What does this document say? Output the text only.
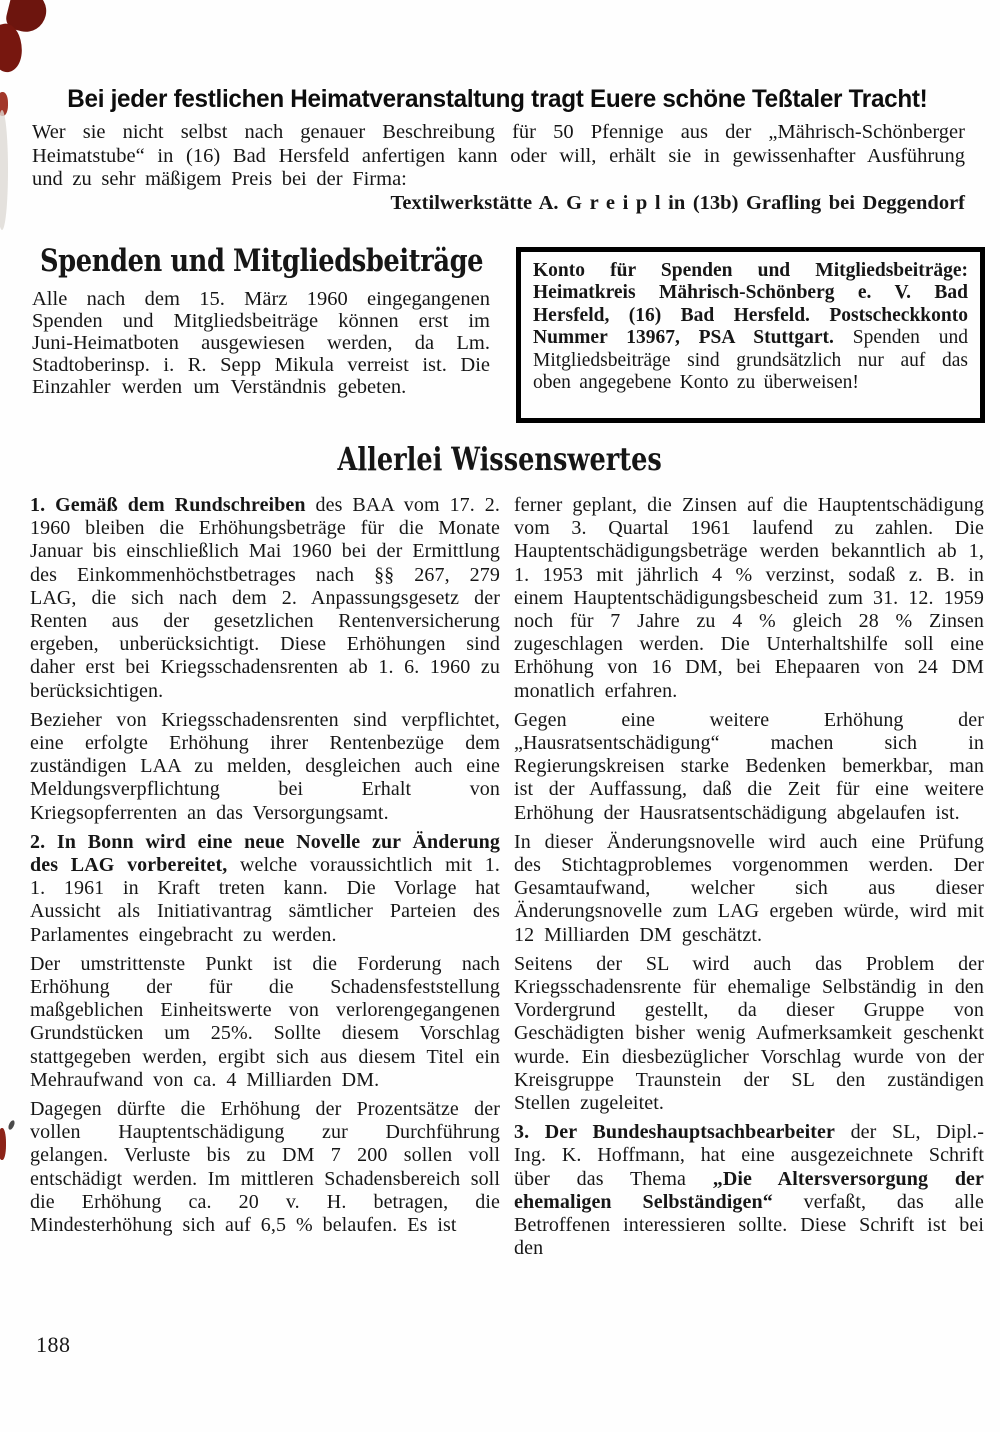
Bei jeder festlichen Heimatveranstaltung tragt Euere schöne Teßtaler Tracht!

Wer sie nicht selbst nach genauer Beschreibung für 50 Pfennige aus der „Mährisch-Schönberger Heimatstube“ in (16) Bad Hersfeld anfertigen kann oder will, erhält sie in gewissenhafter Ausführung und zu sehr mäßigem Preis bei der Firma:

Textilwerkstätte A. G r e i p l in (13b) Grafling bei Deggendorf

Spenden und Mitgliedsbeiträge

Alle nach dem 15. März 1960 eingegangenen Spenden und Mitgliedsbeiträge können erst im Juni-Heimatboten ausgewiesen werden, da Lm. Stadtoberinsp. i. R. Sepp Mikula verreist ist. Die Einzahler werden um Verständnis gebeten.

Konto für Spenden und Mitgliedsbeiträge: Heimatkreis Mährisch-Schönberg e. V. Bad Hersfeld, (16) Bad Hersfeld. Postscheckkonto Nummer 13967, PSA Stuttgart. Spenden und Mitgliedsbeiträge sind grundsätzlich nur auf das oben angegebene Konto zu überweisen!

Allerlei Wissenswertes

1. Gemäß dem Rundschreiben des BAA vom 17. 2. 1960 bleiben die Erhöhungsbeträge für die Monate Januar bis einschließlich Mai 1960 bei der Ermittlung des Einkommenhöchstbetrages nach §§ 267, 279 LAG, die sich nach dem 2. Anpassungsgesetz der Renten aus der gesetzlichen Rentenversicherung ergeben, unberücksichtigt. Diese Erhöhungen sind daher erst bei Kriegsschadensrenten ab 1. 6. 1960 zu berücksichtigen.

Bezieher von Kriegsschadensrenten sind verpflichtet, eine erfolgte Erhöhung ihrer Rentenbezüge dem zuständigen LAA zu melden, desgleichen auch eine Meldungsverpflichtung bei Erhalt von Kriegsopferrenten an das Versorgungsamt.

2. In Bonn wird eine neue Novelle zur Änderung des LAG vorbereitet, welche voraussichtlich mit 1. 1. 1961 in Kraft treten kann. Die Vorlage hat Aussicht als Initiativantrag sämtlicher Parteien des Parlamentes eingebracht zu werden.

Der umstrittenste Punkt ist die Forderung nach Erhöhung der für die Schadensfeststellung maßgeblichen Einheitswerte von verlorengegangenen Grundstücken um 25%. Sollte diesem Vorschlag stattgegeben werden, ergibt sich aus diesem Titel ein Mehraufwand von ca. 4 Milliarden DM.

Dagegen dürfte die Erhöhung der Prozentsätze der vollen Hauptentschädigung zur Durchführung gelangen. Verluste bis zu DM 7 200 sollen voll entschädigt werden. Im mittleren Schadensbereich soll die Erhöhung ca. 20 v. H. betragen, die Mindesterhöhung sich auf 6,5 % belaufen. Es ist

ferner geplant, die Zinsen auf die Hauptentschädigung vom 3. Quartal 1961 laufend zu zahlen. Die Hauptentschädigungsbeträge werden bekanntlich ab 1, 1. 1953 mit jährlich 4 % verzinst, sodaß z. B. in einem Hauptentschädigungsbescheid zum 31. 12. 1959 noch für 7 Jahre zu 4 % gleich 28 % Zinsen zugeschlagen werden. Die Unterhaltshilfe soll eine Erhöhung von 16 DM, bei Ehepaaren von 24 DM monatlich erfahren.

Gegen eine weitere Erhöhung der „Hausratsentschädigung“ machen sich in Regierungskreisen starke Bedenken bemerkbar, man ist der Auffassung, daß die Zeit für eine weitere Erhöhung der Hausratsentschädigung abgelaufen ist.

In dieser Änderungsnovelle wird auch eine Prüfung des Stichtagproblemes vorgenommen werden. Der Gesamtaufwand, welcher sich aus dieser Änderungsnovelle zum LAG ergeben würde, wird mit 12 Milliarden DM geschätzt.

Seitens der SL wird auch das Problem der Kriegsschadensrente für ehemalige Selbständig in den Vordergrund gestellt, da dieser Gruppe von Geschädigten bisher wenig Aufmerksamkeit geschenkt wurde. Ein diesbezüglicher Vorschlag wurde von der Kreisgruppe Traunstein der SL den zuständigen Stellen zugeleitet.

3. Der Bundeshauptsachbearbeiter der SL, Dipl.-Ing. K. Hoffmann, hat eine ausgezeichnete Schrift über das Thema „Die Altersversorgung der ehemaligen Selbständigen“ verfaßt, das alle Betroffenen interessieren sollte. Diese Schrift ist bei den

188
